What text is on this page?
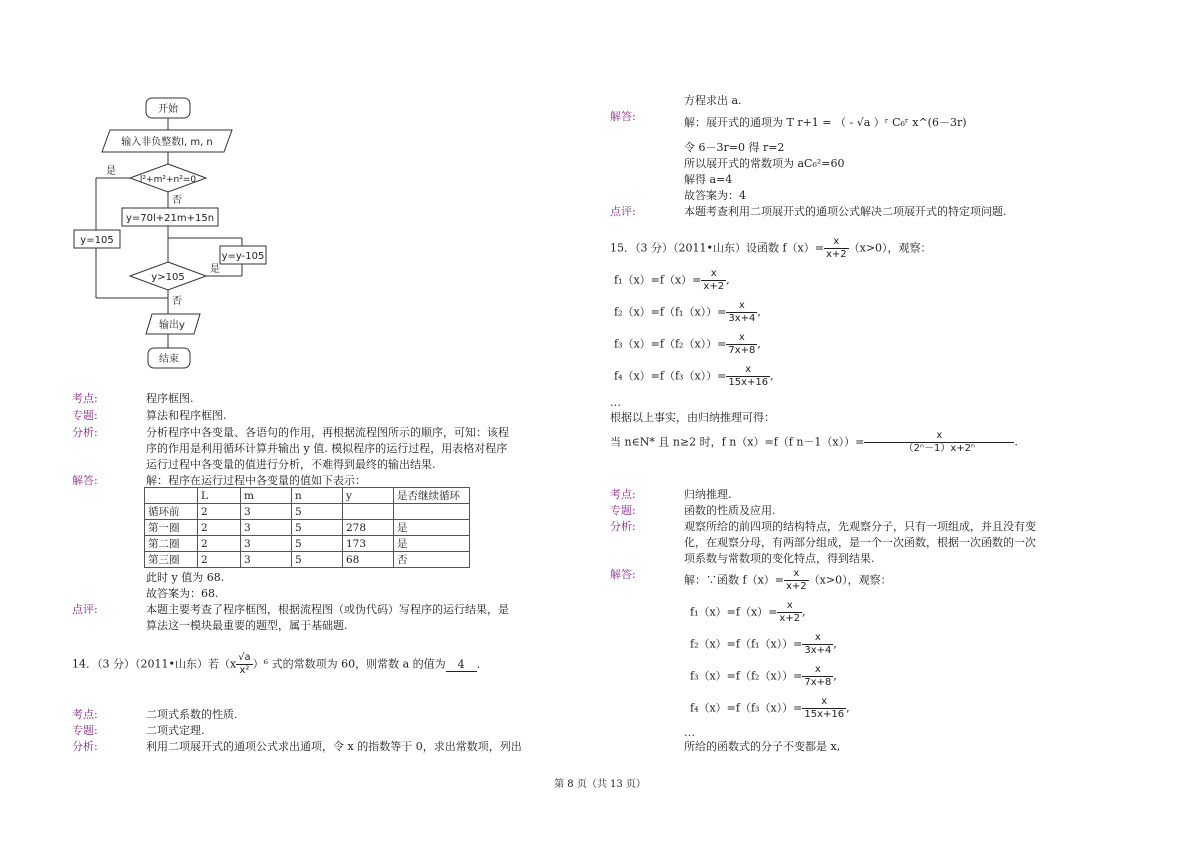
开始
输入非负整数l, m, n
l²+m²+n²=0
是
否
y=70l+21m+15n
y=105
y=y-105
y>105
是
否
输出y
结束
考点:	程序框图.
专题:	算法和程序框图.
分析:	分析程序中各变量、各语句的作用，再根据流程图所示的顺序，可知：该程
序的作用是利用循环计算并输出 y 值. 模拟程序的运行过程，用表格对程序
运行过程中各变量的值进行分析，不难得到最终的输出结果.
解答:	解：程序在运行过程中各变量的值如下表示：
	L	m	n	y	是否继续循环
循环前	2	3	5		
第一圈	2	3	5	278	是
第二圈	2	3	5	173	是
第三圈	2	3	5	68	否
此时 y 值为 68.
故答案为：68.
点评:	本题主要考查了程序框图，根据流程图（或伪代码）写程序的运行结果，是
算法这一模块最重要的题型，属于基础题.
14．（3 分）（2011•山东）若$(x \frac{√a}{\text{x²}} )^6$ 式的常数项为 60，则常数 a 的值为 4 ．
考点:	二项式系数的性质.
专题:	二项式定理.
分析:	利用二项展开式的通项公式求出通项，令 x 的指数等于 0，求出常数项，列出
方程求出 a.
解答:	解：展开式的通项为 T r+1 = （ - √a ）ʳ C₆ʳ x^(6－3r)
令 6－3r=0 得 r=2
所以展开式的常数项为 aC₆²=60
解得 a=4
故答案为：4
点评:	本题考查利用二项展开式的通项公式解决二项展开式的特定项问题.
15．（3 分）（2011•山东）设函数 $f(x)= \frac{x}{x+2} (x>0)$，观察：
$f_1(x)=f(x)= \frac{x}{x+2}$ ,
$f_2(x)=f(f_1(x))= \frac{x}{3x+4}$ ,
$f_3(x)=f(f_2(x))= \frac{x}{7x+8}$ ,
$f_4(x)=f(f_3(x))= \frac{x}{15x+16}$ ,
…
根据以上事实，由归纳推理可得：
当 n∈N* 且 n≥2 时，f n（x）=f（f $n-1(x))= \frac{x}{\text{（2ⁿ－1）x+2ⁿ}}$ .
考点:	归纳推理.
专题:	函数的性质及应用.
分析:	观察所给的前四项的结构特点，先观察分子，只有一项组成，并且没有变
化，在观察分母，有两部分组成，是一个一次函数，根据一次函数的一次
项系数与常数项的变化特点，得到结果.
解答:	解：∵函数 $f(x)= \frac{x}{x+2} (x>0)$，观察：
$f_1(x)=f(x)= \frac{x}{x+2}$ ,
$f_2(x)=f(f_1(x))= \frac{x}{3x+4}$ ,
$f_3(x)=f(f_2(x))= \frac{x}{7x+8}$ ,
$f_4(x)=f(f_3(x))= \frac{x}{15x+16}$ ,
…
所给的函数式的分子不变都是 x,
第 8 页（共 13 页）
